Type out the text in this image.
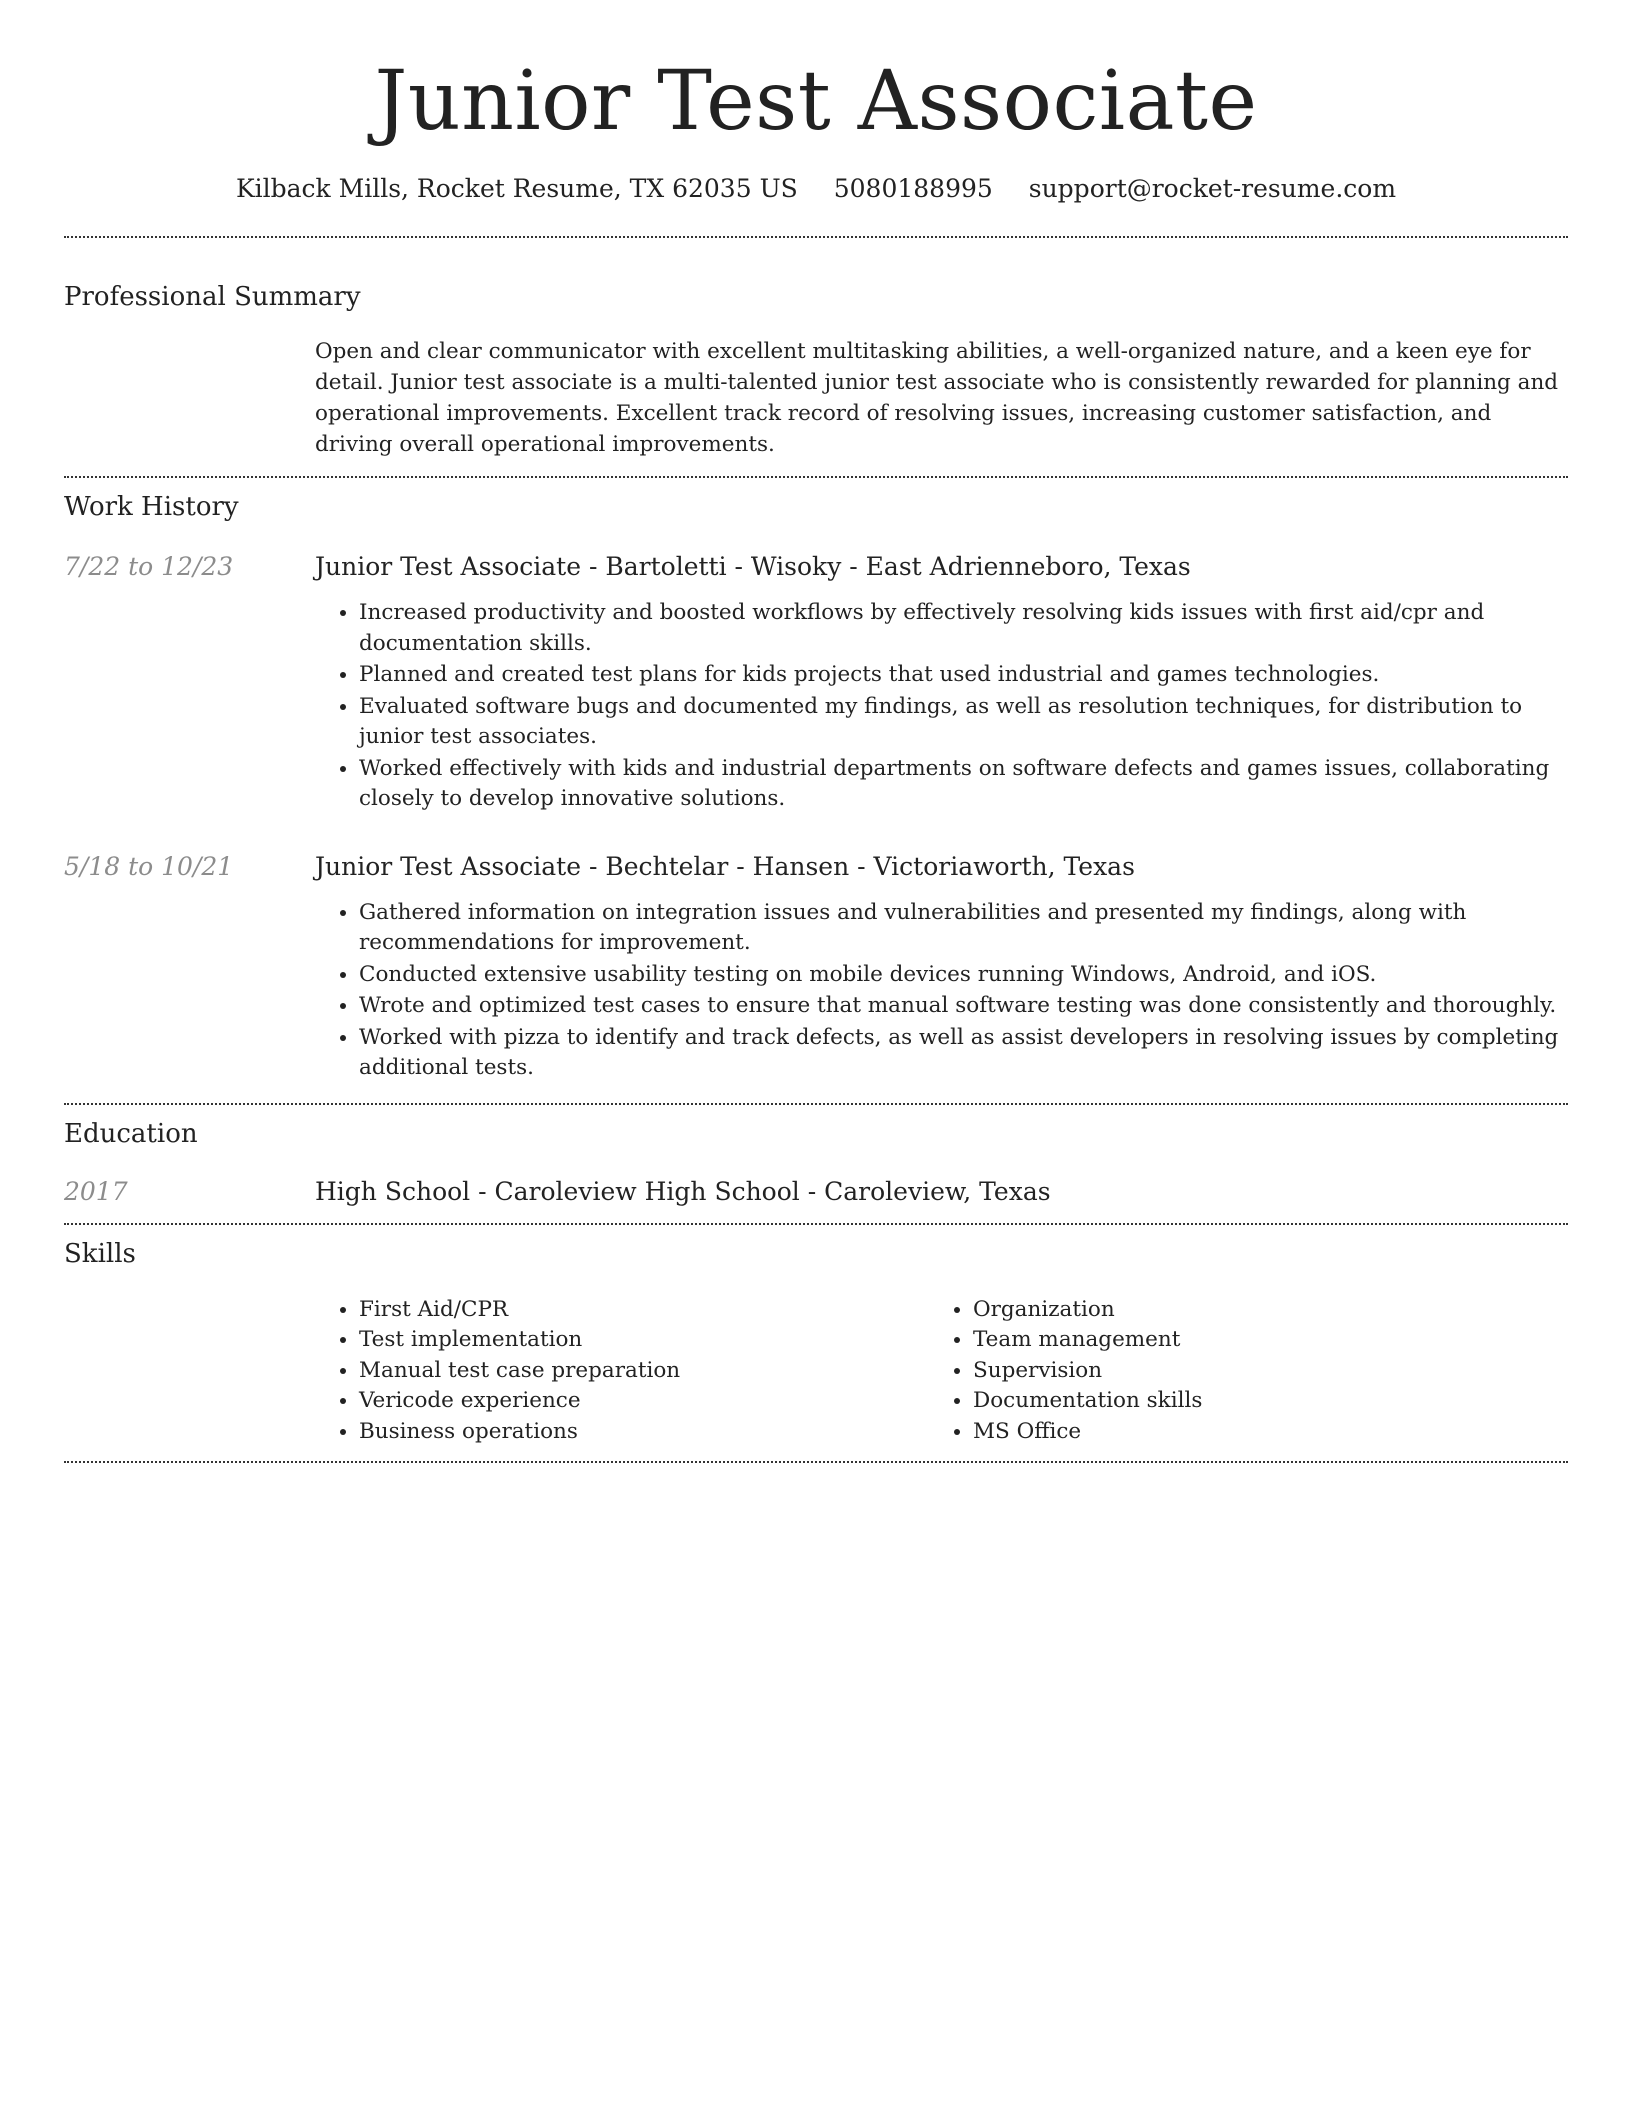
Junior Test Associate
Kilback Mills, Rocket Resume, TX 62035 US 5080188995 support@rocket-resume.com
Professional Summary
Open and clear communicator with excellent multitasking abilities, a well-organized nature, and a keen eye for detail. Junior test associate is a multi-talented junior test associate who is consistently rewarded for planning and operational improvements. Excellent track record of resolving issues, increasing customer satisfaction, and driving overall operational improvements.
Work History
7/22 to 12/23	Junior Test Associate - Bartoletti - Wisoky - East Adrienneboro, Texas
• Increased productivity and boosted workflows by effectively resolving kids issues with first aid/cpr and documentation skills.
• Planned and created test plans for kids projects that used industrial and games technologies.
• Evaluated software bugs and documented my findings, as well as resolution techniques, for distribution to junior test associates.
• Worked effectively with kids and industrial departments on software defects and games issues, collaborating closely to develop innovative solutions.
5/18 to 10/21	Junior Test Associate - Bechtelar - Hansen - Victoriaworth, Texas
• Gathered information on integration issues and vulnerabilities and presented my findings, along with recommendations for improvement.
• Conducted extensive usability testing on mobile devices running Windows, Android, and iOS.
• Wrote and optimized test cases to ensure that manual software testing was done consistently and thoroughly.
• Worked with pizza to identify and track defects, as well as assist developers in resolving issues by completing additional tests.
Education
2017	High School - Caroleview High School - Caroleview, Texas
Skills
• First Aid/CPR
• Test implementation
• Manual test case preparation
• Vericode experience
• Business operations
• Organization
• Team management
• Supervision
• Documentation skills
• MS Office
